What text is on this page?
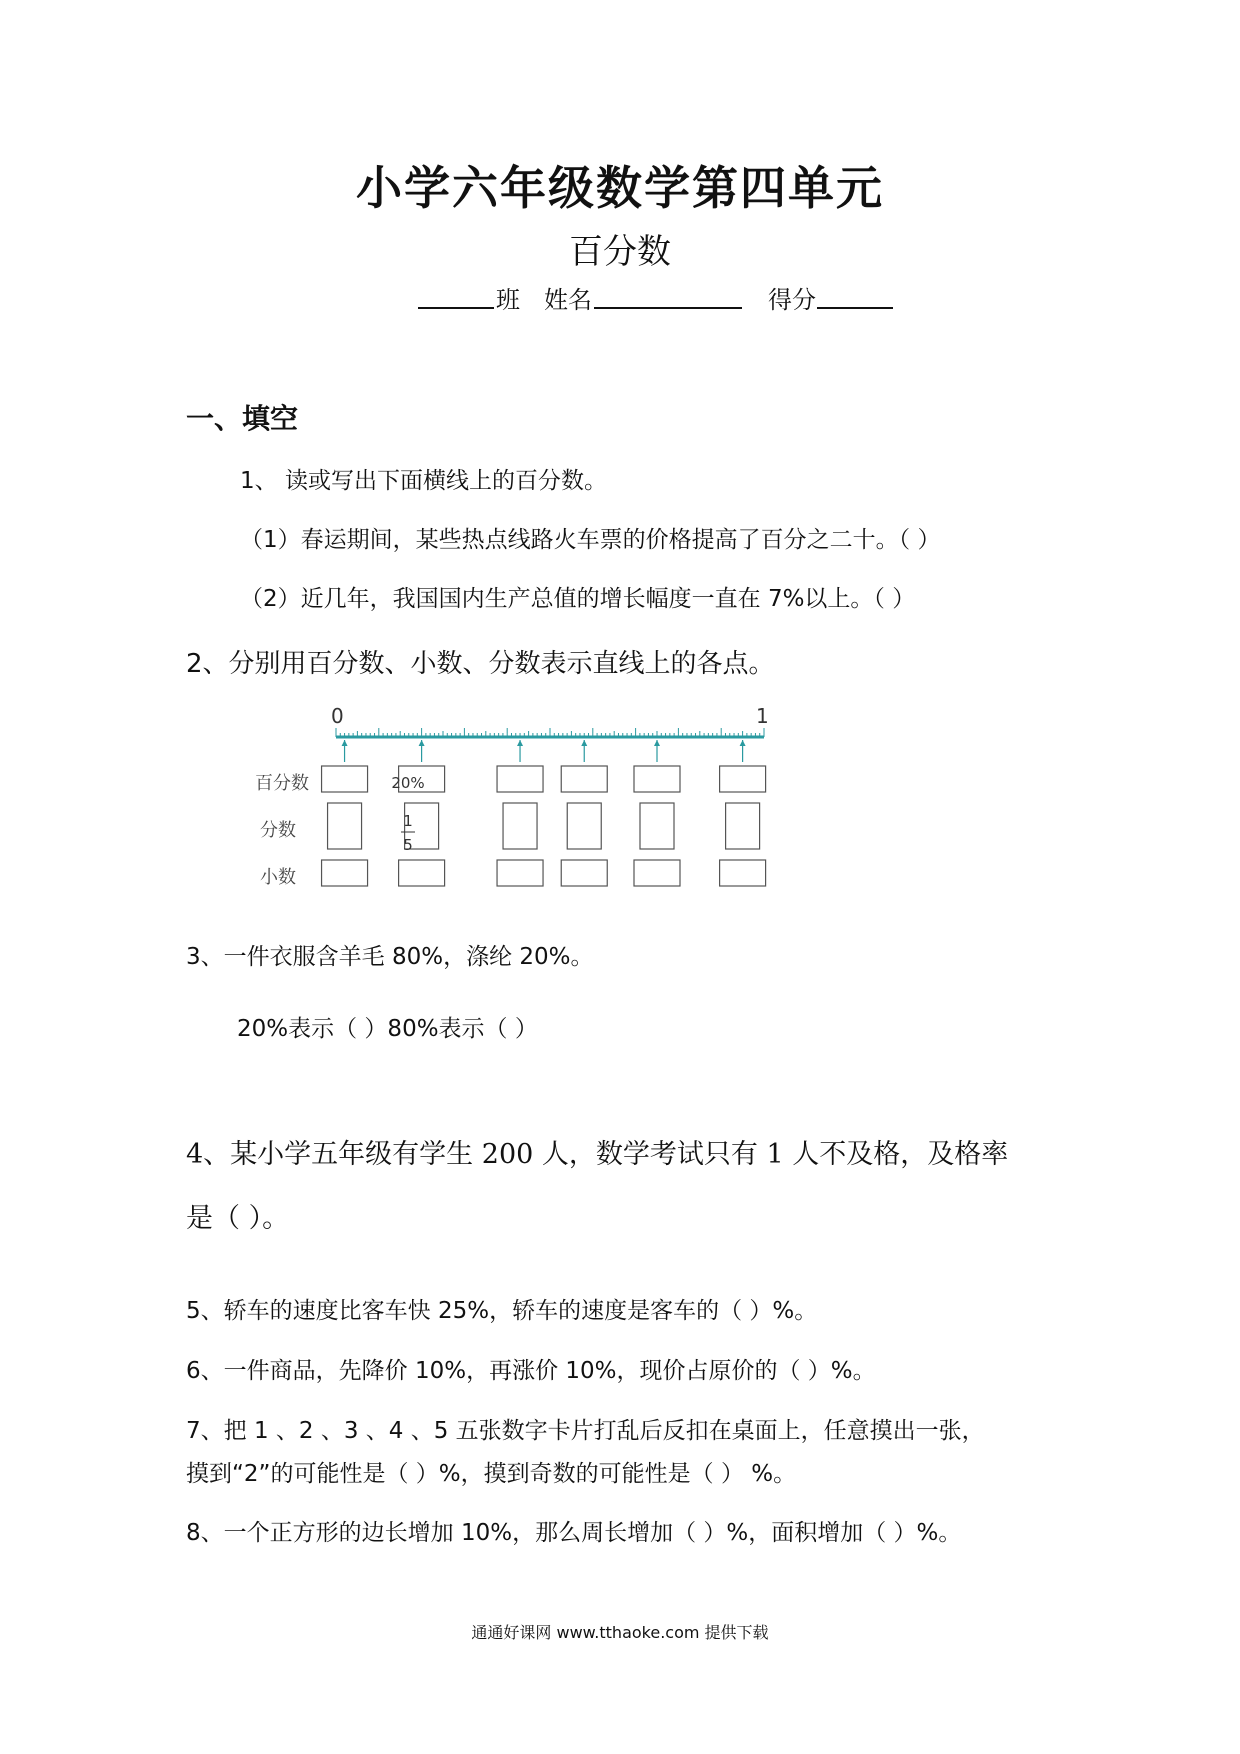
小学六年级数学第四单元
百分数
班 姓名	得分
一、填空
1、 读或写出下面横线上的百分数。
（1）春运期间，某些热点线路火车票的价格提高了百分之二十。（ ）
（2）近几年，我国国内生产总值的增长幅度一直在 7%以上。（ ）
2、分别用百分数、小数、分数表示直线上的各点。
0	1
百分数
分数
小数
20%
1
5
3、一件衣服含羊毛 80%，涤纶 20%。
20%表示（ ）80%表示（ ）
4、某小学五年级有学生 200 人，数学考试只有 1 人不及格，及格率
是（ ）。
5、轿车的速度比客车快 25%，轿车的速度是客车的（ ）%。
6、一件商品，先降价 10%，再涨价 10%，现价占原价的（ ）%。
7、把 1 、2 、3 、4 、5 五张数字卡片打乱后反扣在桌面上，任意摸出一张，
摸到“2”的可能性是（ ）%，摸到奇数的可能性是（ ） %。
8、一个正方形的边长增加 10%，那么周长增加（ ）%，面积增加（ ）%。
通通好课网 www.tthaoke.com 提供下载
